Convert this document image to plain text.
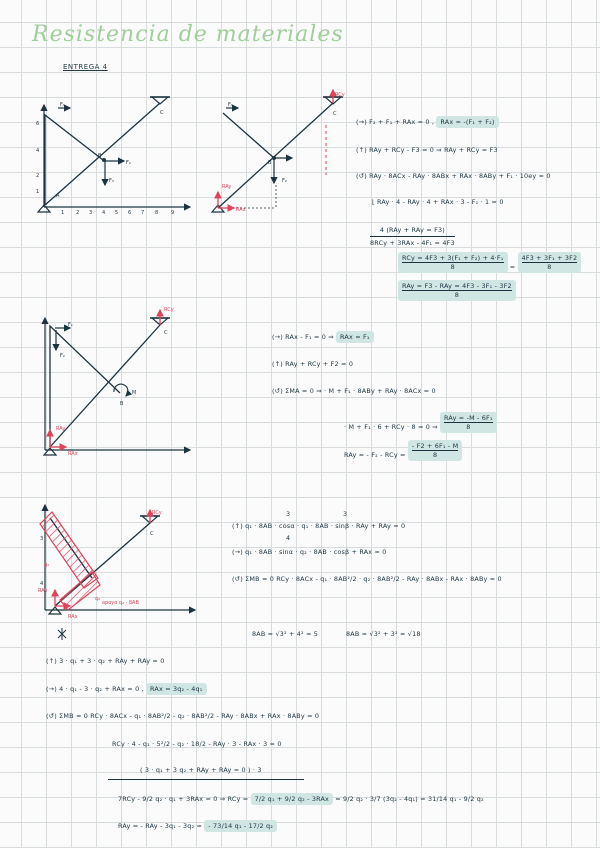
Resistencia de materiales
ENTREGA 4
F₁
F₂
F₃
A
B
C
6
4
2
1
1 2 3 4 5 6 7 8	9
F₁
F₂
B
C
RCy
RAy
RAx
F₁
F₂
B
C
M
RCy
RAy
RAx
C
RCy
q₁
q₂
RAy
RAx
apoyo q₂ · 8AB
3
4
(→) F₂ + F₁ + RAx = 0 , RAx = -(F₁ + F₂)
(↑) RAy + RCy - F3 = 0 ⇒ RAy + RCy = F3
(↺) RAy · 8ACx - RAy · 8ABx + RAx · 8ABy + F₁ · 10ey = 0
⌊ RAy · 4 - RAy · 4 + RAx · 3 - F₁ · 1 = 0
4 (RAy + RAy = F3)
8RCy + 3RAx - 4F₁ = 4F3
RCy = 4F3 + 3(F₁ + F₂) + 4·F₁
8	= $\frac{\text{4F3 + 3F₁ + 3F2}}{8}$
RAy = F3 - RAy = 4F3 - 3F₁ - 3F2
8
(→) RAx - F₁ = 0 ⇒ RAx = F₁
(↑) RAy + RCy + F2 = 0
(↺) ΣMA = 0 ⇒ · M + F₁ · 8ABy + RAy · 8ACx = 0
· M + F₁ · 6 + RCy · 8 = 0 ⇒
RAy = -M - 6F₁
8
RAy = - F₂ - RCy = $\frac{\text{- F2 + 6F₁ - M}}{8}$
3
4
3
(↑) q₁ · 8AB · cosα · q₁ · 8AB · sinβ · RAy + RAy = 0
(→) q₁ · 8AB · sinα · q₂ · 8AB · cosβ + RAx = 0
(↺) ΣMB = 0 RCy · 8ACx - q₁ · 8AB²/2 · q₂ · 8AB²/2 - RAy · 8ABx - RAx · 8ABy = 0
8AB = √3² + 4² = 5	8AB = √3² + 3² = √18
(↑) 3 · q₁ + 3 · q₂ + RAy + RAy = 0
(→) 4 · q₁ - 3 · q₂ + RAx = 0 , RAx = 3q₂ - 4q₁
(↺) ΣMB = 0 RCy · 8ACx - q₁ · 8AB²/2 - q₂ · 8AB²/2 - RAy · 8ABx + RAx · 8ABy = 0
RCy · 4 - q₁ · 5²/2 - q₂ · 18/2 - RAy · 3 - RAx · 3 = 0
( 3 · q₁ + 3 q₂ + RAy + RAy = 0 ) · 3
7RCy - 9/2 q₂ · q₁ + 3RAx = 0 ⇒ RCy = 7/2 q₁ + 9/2 q₂ - 3RAx = 9/2 q₂ · 3/7 (3q₂ - 4q₁) = 31/14 q₁ - 9/2 q₂
RAy = - RAy - 3q₁ - 3q₂ = - 73/14 q₁ - 17/2 q₂
